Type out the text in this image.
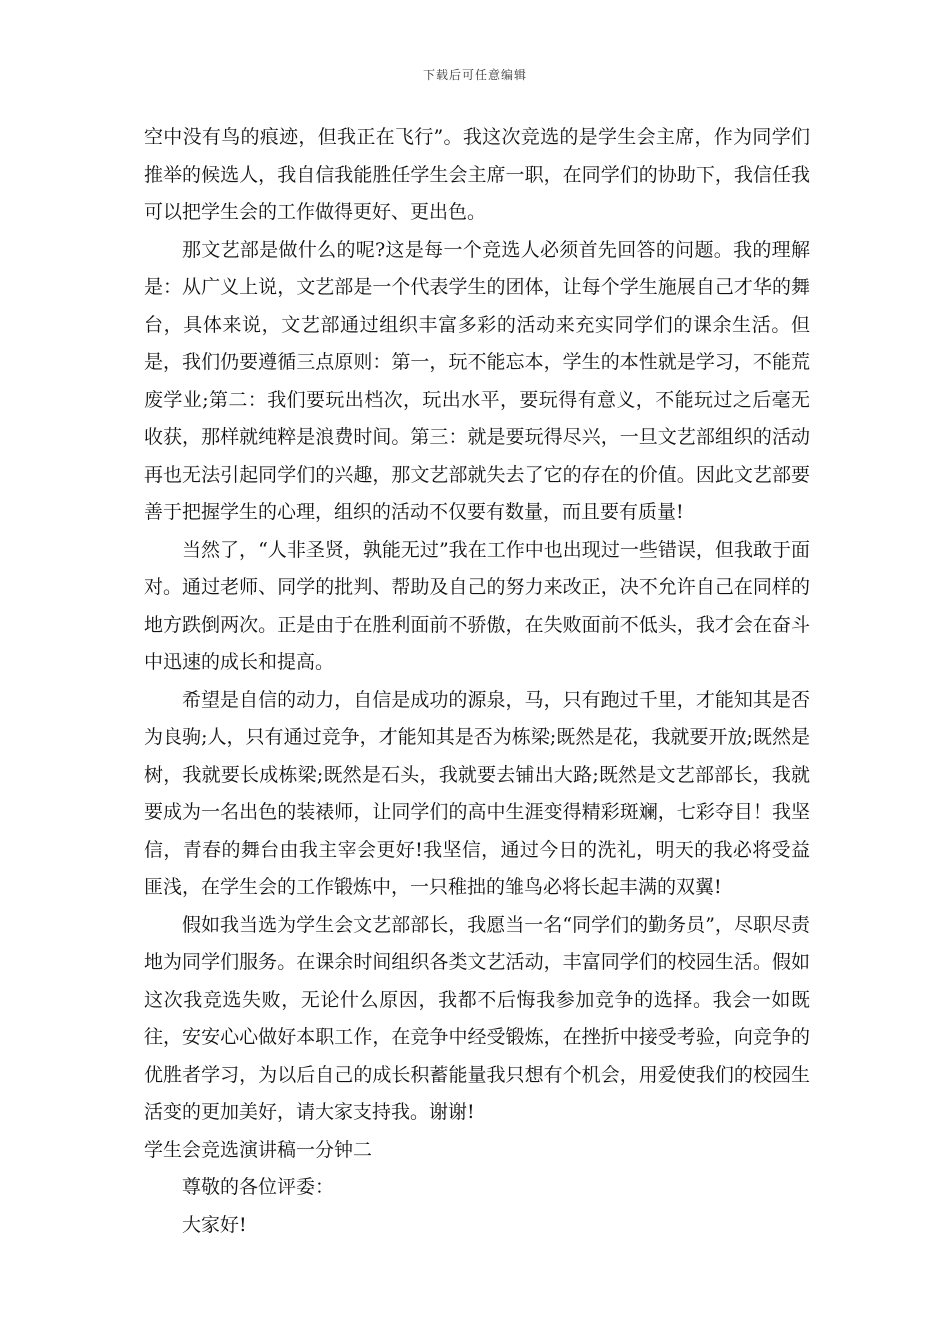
下载后可任意编辑

空中没有鸟的痕迹，但我正在飞行”。我这次竞选的是学生会主席，作为同学们推举的候选人，我自信我能胜任学生会主席一职，在同学们的协助下，我信任我可以把学生会的工作做得更好、更出色。

那文艺部是做什么的呢?这是每一个竞选人必须首先回答的问题。我的理解是：从广义上说，文艺部是一个代表学生的团体，让每个学生施展自己才华的舞台，具体来说，文艺部通过组织丰富多彩的活动来充实同学们的课余生活。但是，我们仍要遵循三点原则：第一，玩不能忘本，学生的本性就是学习，不能荒废学业;第二：我们要玩出档次，玩出水平，要玩得有意义，不能玩过之后毫无收获，那样就纯粹是浪费时间。第三：就是要玩得尽兴，一旦文艺部组织的活动再也无法引起同学们的兴趣，那文艺部就失去了它的存在的价值。因此文艺部要善于把握学生的心理，组织的活动不仅要有数量，而且要有质量!

当然了，“人非圣贤，孰能无过”我在工作中也出现过一些错误，但我敢于面对。通过老师、同学的批判、帮助及自己的努力来改正，决不允许自己在同样的地方跌倒两次。正是由于在胜利面前不骄傲，在失败面前不低头，我才会在奋斗中迅速的成长和提高。

希望是自信的动力，自信是成功的源泉，马，只有跑过千里，才能知其是否为良驹;人，只有通过竞争，才能知其是否为栋梁;既然是花，我就要开放;既然是树，我就要长成栋梁;既然是石头，我就要去铺出大路;既然是文艺部部长，我就要成为一名出色的装裱师，让同学们的高中生涯变得精彩斑斓，七彩夺目！我坚信，青春的舞台由我主宰会更好!我坚信，通过今日的洗礼，明天的我必将受益匪浅，在学生会的工作锻炼中，一只稚拙的雏鸟必将长起丰满的双翼!

假如我当选为学生会文艺部部长，我愿当一名“同学们的勤务员”，尽职尽责地为同学们服务。在课余时间组织各类文艺活动，丰富同学们的校园生活。假如这次我竞选失败，无论什么原因，我都不后悔我参加竞争的选择。我会一如既往，安安心心做好本职工作，在竞争中经受锻炼，在挫折中接受考验，向竞争的优胜者学习，为以后自己的成长积蓄能量我只想有个机会，用爱使我们的校园生活变的更加美好，请大家支持我。谢谢!

学生会竞选演讲稿一分钟二

尊敬的各位评委：

大家好!
